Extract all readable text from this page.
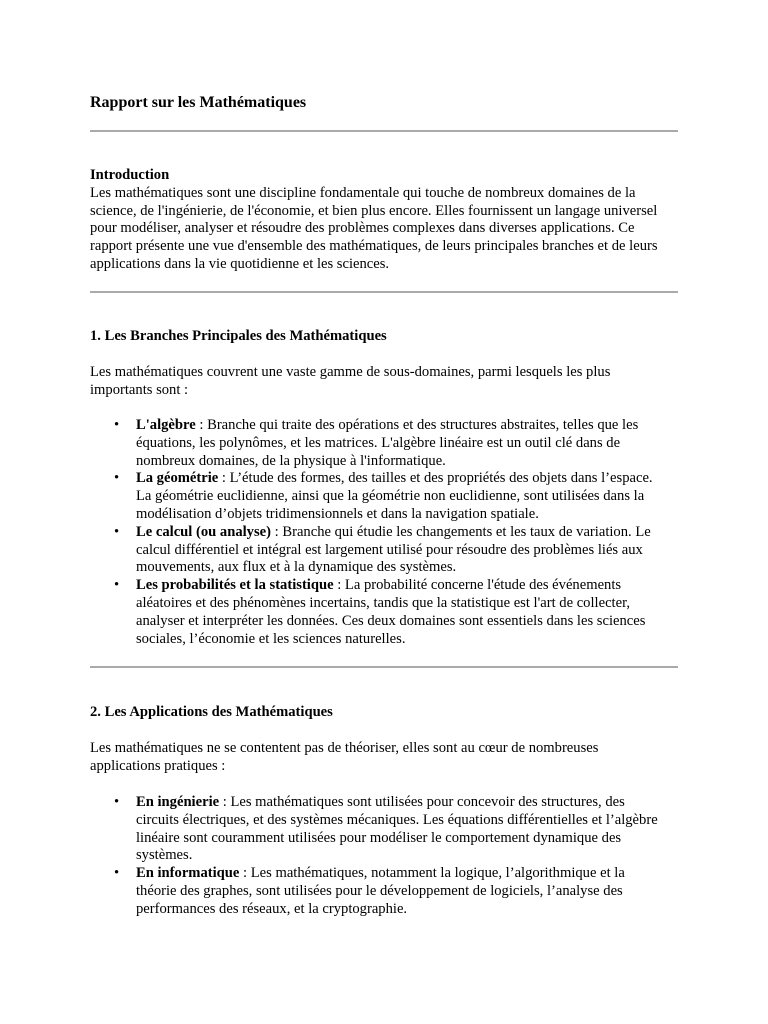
Rapport sur les Mathématiques
Introduction

Les mathématiques sont une discipline fondamentale qui touche de nombreux domaines de la
science, de l'ingénierie, de l'économie, et bien plus encore. Elles fournissent un langage universel
pour modéliser, analyser et résoudre des problèmes complexes dans diverses applications. Ce
rapport présente une vue d'ensemble des mathématiques, de leurs principales branches et de leurs
applications dans la vie quotidienne et les sciences.

1. Les Branches Principales des Mathématiques

Les mathématiques couvrent une vaste gamme de sous-domaines, parmi lesquels les plus
importants sont :

• L'algèbre : Branche qui traite des opérations et des structures abstraites, telles que les
équations, les polynômes, et les matrices. L'algèbre linéaire est un outil clé dans de
nombreux domaines, de la physique à l'informatique.
• La géométrie : L’étude des formes, des tailles et des propriétés des objets dans l’espace.
La géométrie euclidienne, ainsi que la géométrie non euclidienne, sont utilisées dans la
modélisation d’objets tridimensionnels et dans la navigation spatiale.
• Le calcul (ou analyse) : Branche qui étudie les changements et les taux de variation. Le
calcul différentiel et intégral est largement utilisé pour résoudre des problèmes liés aux
mouvements, aux flux et à la dynamique des systèmes.
• Les probabilités et la statistique : La probabilité concerne l'étude des événements
aléatoires et des phénomènes incertains, tandis que la statistique est l'art de collecter,
analyser et interpréter les données. Ces deux domaines sont essentiels dans les sciences
sociales, l’économie et les sciences naturelles.
2. Les Applications des Mathématiques

Les mathématiques ne se contentent pas de théoriser, elles sont au cœur de nombreuses
applications pratiques :

• En ingénierie : Les mathématiques sont utilisées pour concevoir des structures, des
circuits électriques, et des systèmes mécaniques. Les équations différentielles et l’algèbre
linéaire sont couramment utilisées pour modéliser le comportement dynamique des
systèmes.
• En informatique : Les mathématiques, notamment la logique, l’algorithmique et la
théorie des graphes, sont utilisées pour le développement de logiciels, l’analyse des
performances des réseaux, et la cryptographie.
